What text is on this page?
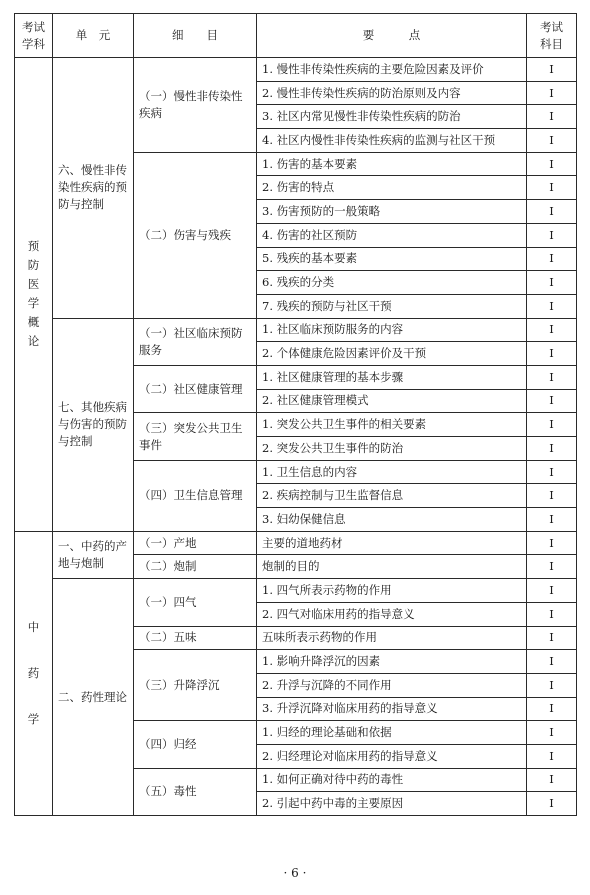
考试学科	单　元	细　　目	要　　　点	考试科目

预防医学概论	六、慢性非传染性疾病的预防与控制	（一）慢性非传染性疾病	1. 慢性非传染性疾病的主要危险因素及评价	Ⅰ
			2. 慢性非传染性疾病的防治原则及内容	Ⅰ
			3. 社区内常见慢性非传染性疾病的防治	Ⅰ
			4. 社区内慢性非传染性疾病的监测与社区干预	Ⅰ
		（二）伤害与残疾	1. 伤害的基本要素	Ⅰ
			2. 伤害的特点	Ⅰ
			3. 伤害预防的一般策略	Ⅰ
			4. 伤害的社区预防	Ⅰ
			5. 残疾的基本要素	Ⅰ
			6. 残疾的分类	Ⅰ
			7. 残疾的预防与社区干预	Ⅰ
	七、其他疾病与伤害的预防与控制	（一）社区临床预防服务	1. 社区临床预防服务的内容	Ⅰ
			2. 个体健康危险因素评价及干预	Ⅰ
		（二）社区健康管理	1. 社区健康管理的基本步骤	Ⅰ
			2. 社区健康管理模式	Ⅰ
		（三）突发公共卫生事件	1. 突发公共卫生事件的相关要素	Ⅰ
			2. 突发公共卫生事件的防治	Ⅰ
		（四）卫生信息管理	1. 卫生信息的内容	Ⅰ
			2. 疾病控制与卫生监督信息	Ⅰ
			3. 妇幼保健信息	Ⅰ

中药学	一、中药的产地与炮制	（一）产地	主要的道地药材	Ⅰ
		（二）炮制	炮制的目的	Ⅰ
	二、药性理论	（一）四气	1. 四气所表示药物的作用	Ⅰ
			2. 四气对临床用药的指导意义	Ⅰ
		（二）五味	五味所表示药物的作用	Ⅰ
		（三）升降浮沉	1. 影响升降浮沉的因素	Ⅰ
			2. 升浮与沉降的不同作用	Ⅰ
			3. 升浮沉降对临床用药的指导意义	Ⅰ
		（四）归经	1. 归经的理论基础和依据	Ⅰ
			2. 归经理论对临床用药的指导意义	Ⅰ
		（五）毒性	1. 如何正确对待中药的毒性	Ⅰ
			2. 引起中药中毒的主要原因	Ⅰ
· 6 ·
